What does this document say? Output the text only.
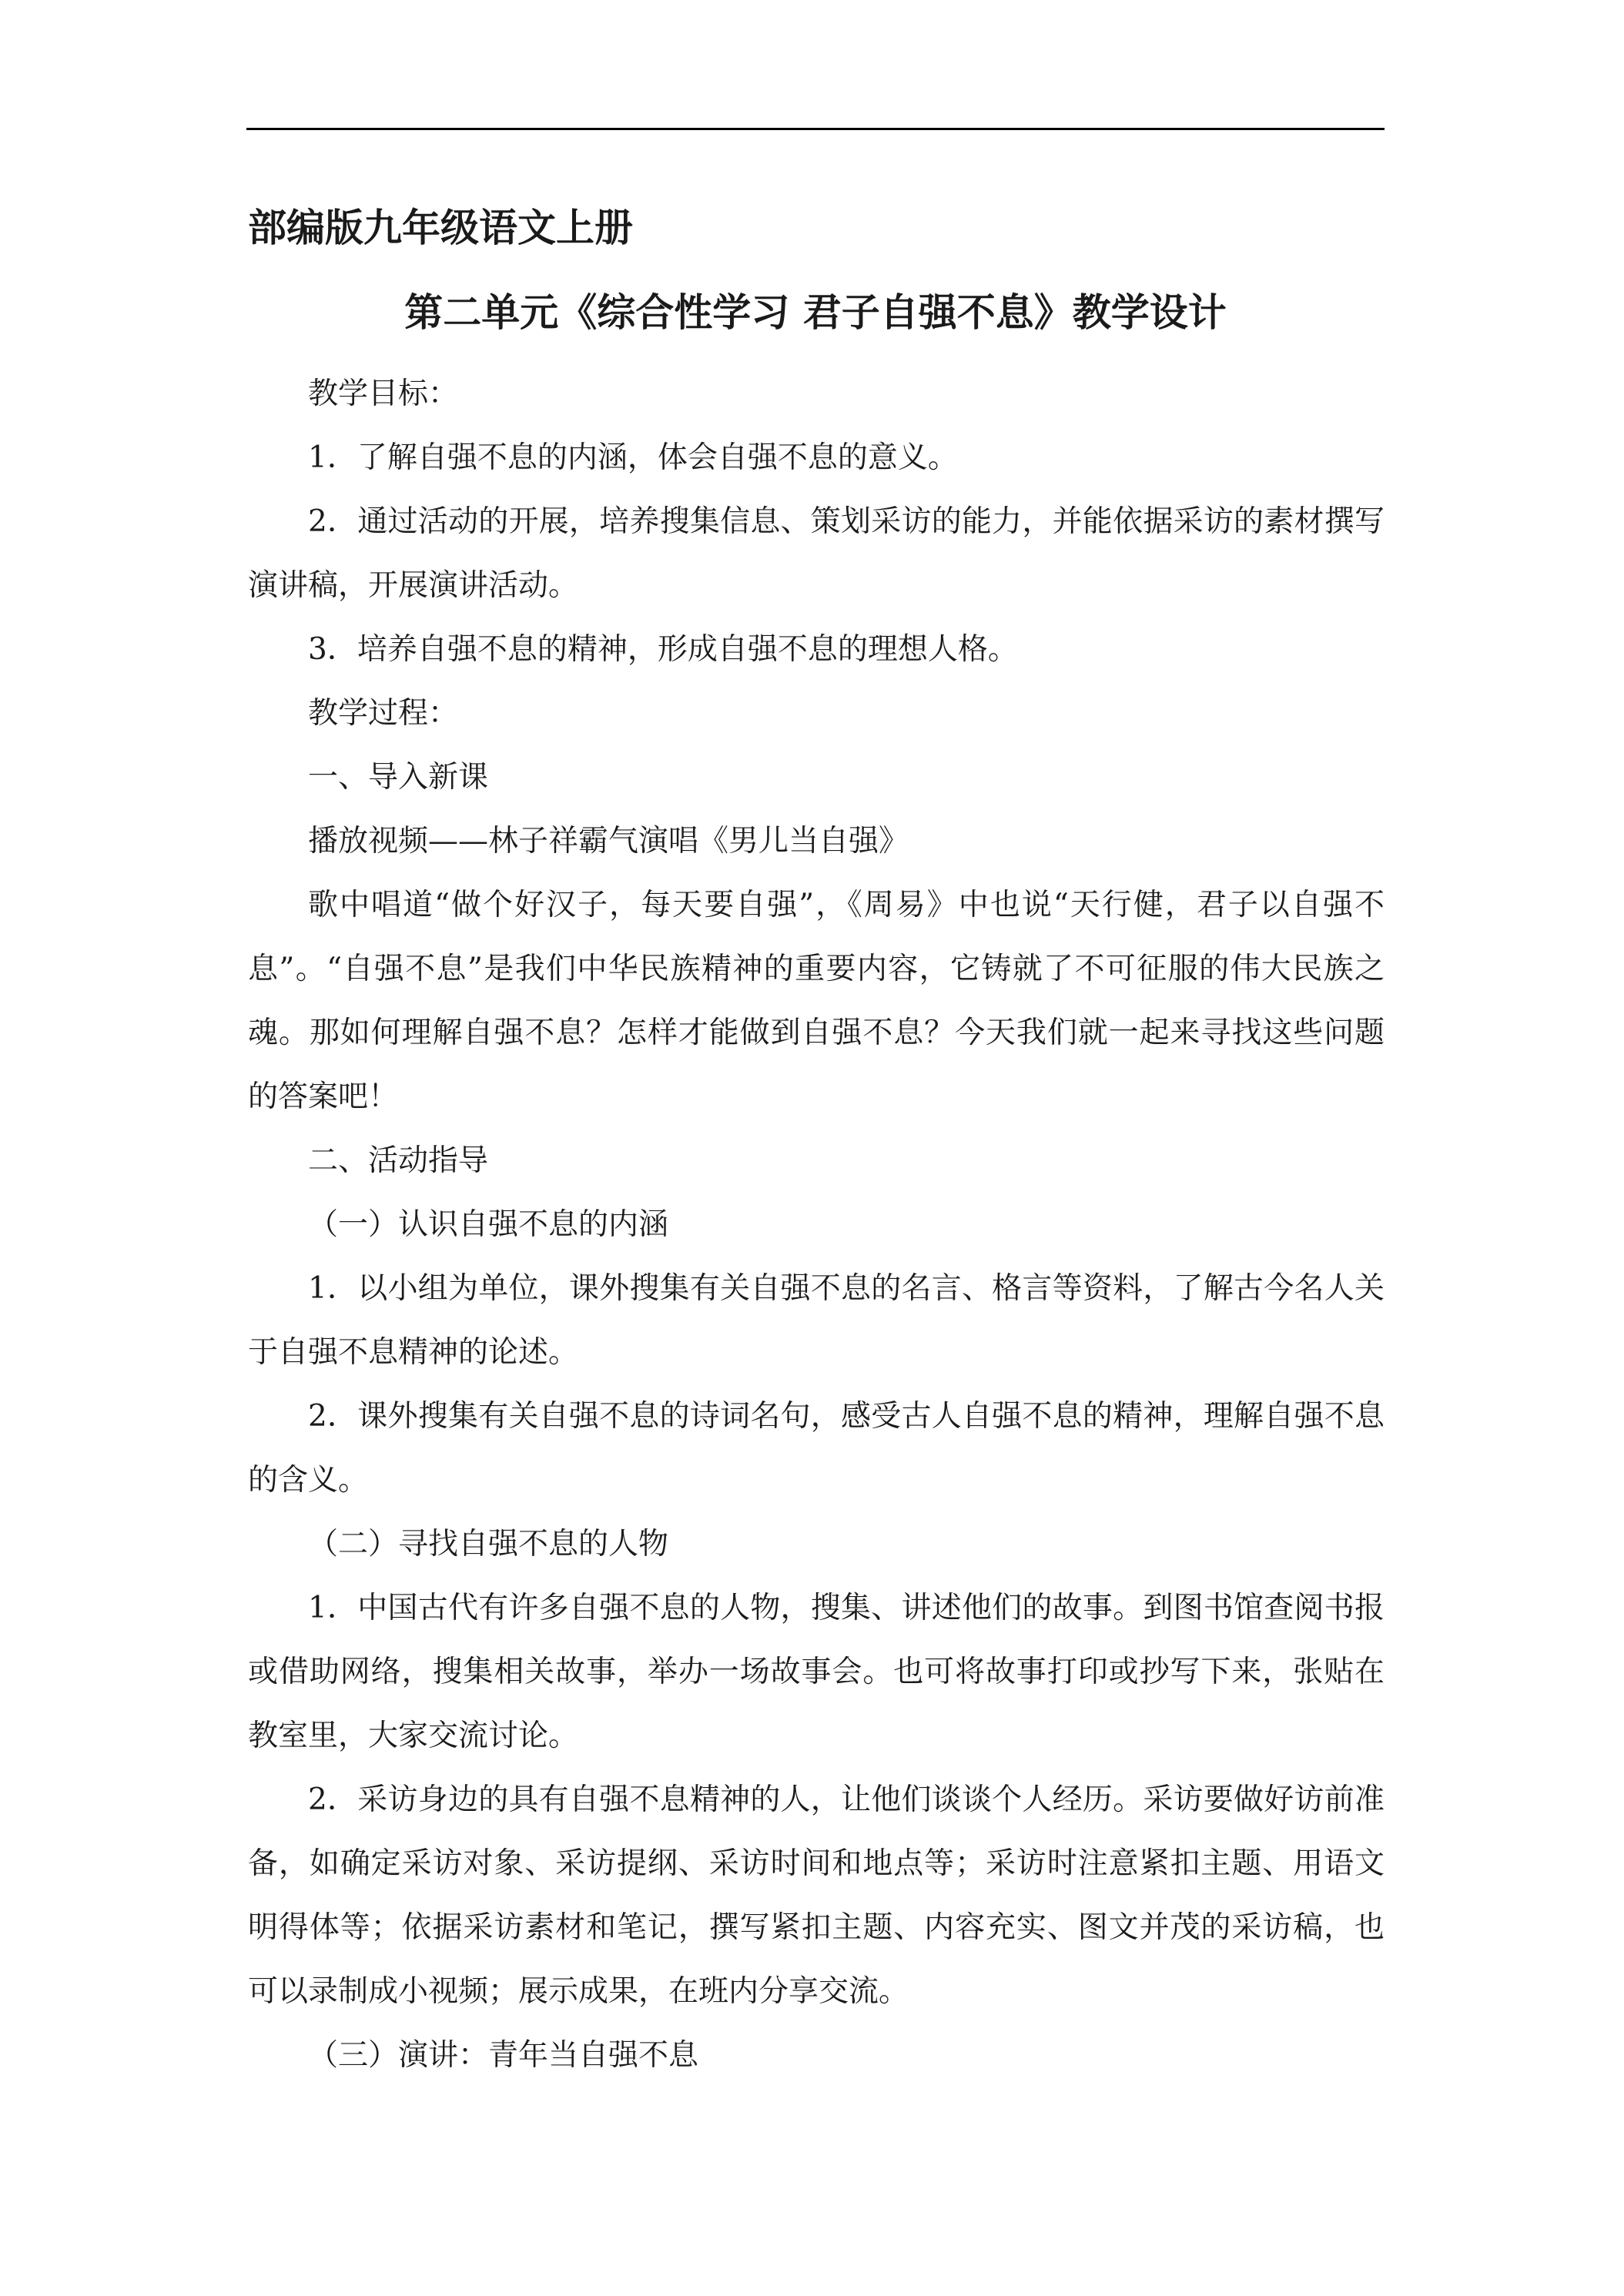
部编版九年级语文上册
第二单元《综合性学习 君子自强不息》教学设计

教学目标：

1．了解自强不息的内涵，体会自强不息的意义。

2．通过活动的开展，培养搜集信息、策划采访的能力，并能依据采访的素材撰写演讲稿，开展演讲活动。

3．培养自强不息的精神，形成自强不息的理想人格。

教学过程：

一、导入新课

播放视频——林子祥霸气演唱《男儿当自强》

歌中唱道“做个好汉子，每天要自强”，《周易》中也说“天行健，君子以自强不息”。“自强不息”是我们中华民族精神的重要内容，它铸就了不可征服的伟大民族之魂。那如何理解自强不息？怎样才能做到自强不息？今天我们就一起来寻找这些问题的答案吧！

二、活动指导

（一）认识自强不息的内涵

1．以小组为单位，课外搜集有关自强不息的名言、格言等资料，了解古今名人关于自强不息精神的论述。

2．课外搜集有关自强不息的诗词名句，感受古人自强不息的精神，理解自强不息的含义。

（二）寻找自强不息的人物

1．中国古代有许多自强不息的人物，搜集、讲述他们的故事。到图书馆查阅书报或借助网络，搜集相关故事，举办一场故事会。也可将故事打印或抄写下来，张贴在教室里，大家交流讨论。

2．采访身边的具有自强不息精神的人，让他们谈谈个人经历。采访要做好访前准备，如确定采访对象、采访提纲、采访时间和地点等；采访时注意紧扣主题、用语文明得体等；依据采访素材和笔记，撰写紧扣主题、内容充实、图文并茂的采访稿，也可以录制成小视频；展示成果，在班内分享交流。

（三）演讲：青年当自强不息
